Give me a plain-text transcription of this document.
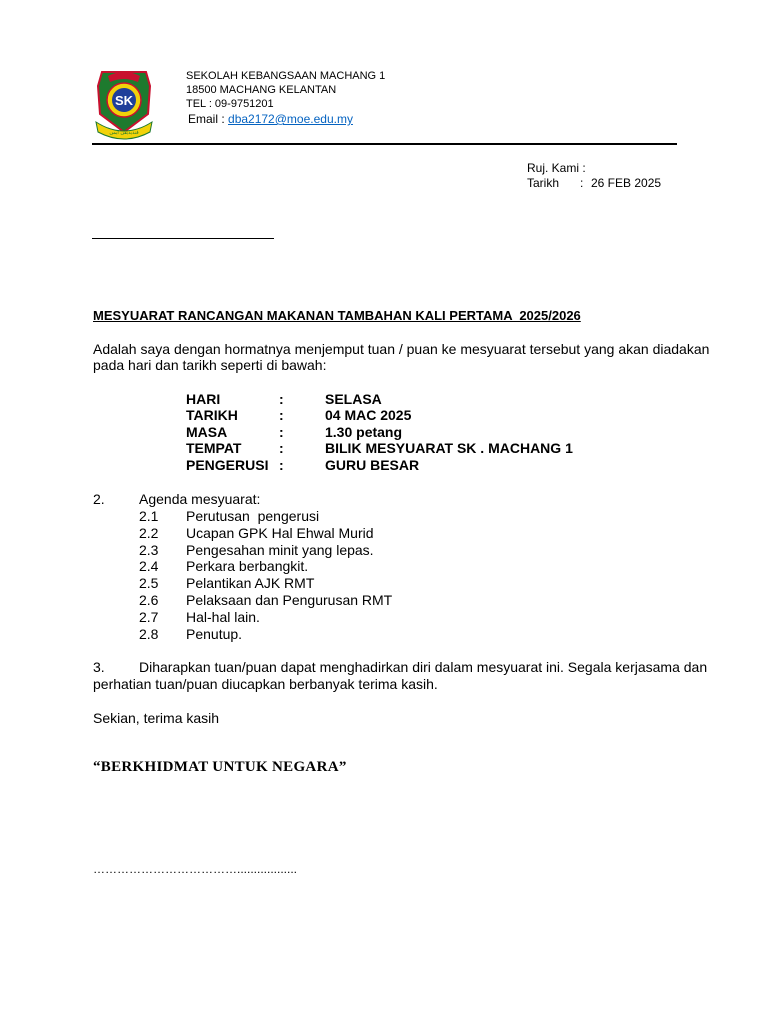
SK
ڤنديديقن ايمن
SEKOLAH KEBANGSAAN MACHANG 1
18500 MACHANG KELANTAN
TEL : 09-9751201
Email : dba2172@moe.edu.my
Ruj. Kami :
Tarikh : 26 FEB 2025
MESYUARAT RANCANGAN MAKANAN TAMBAHAN KALI PERTAMA  2025/2026
Adalah saya dengan hormatnya menjemput tuan / puan ke mesyuarat tersebut yang akan diadakan
pada hari dan tarikh seperti di bawah:
HARI	:	SELASA
TARIKH	:	04 MAC 2025
MASA	:	1.30 petang
TEMPAT	:	BILIK MESYUARAT SK . MACHANG 1
PENGERUSI :	GURU BESAR
2. Agenda mesyuarat:
2.1 Perutusan  pengerusi
2.2 Ucapan GPK Hal Ehwal Murid
2.3 Pengesahan minit yang lepas.
2.4 Perkara berbangkit.
2.5 Pelantikan AJK RMT
2.6 Pelaksaan dan Pengurusan RMT
2.7 Hal-hal lain.
2.8 Penutup.
3. Diharapkan tuan/puan dapat menghadirkan diri dalam mesyuarat ini. Segala kerjasama dan
perhatian tuan/puan diucapkan berbanyak terima kasih.
Sekian, terima kasih
“BERKHIDMAT UNTUK NEGARA”
………………………………..................
